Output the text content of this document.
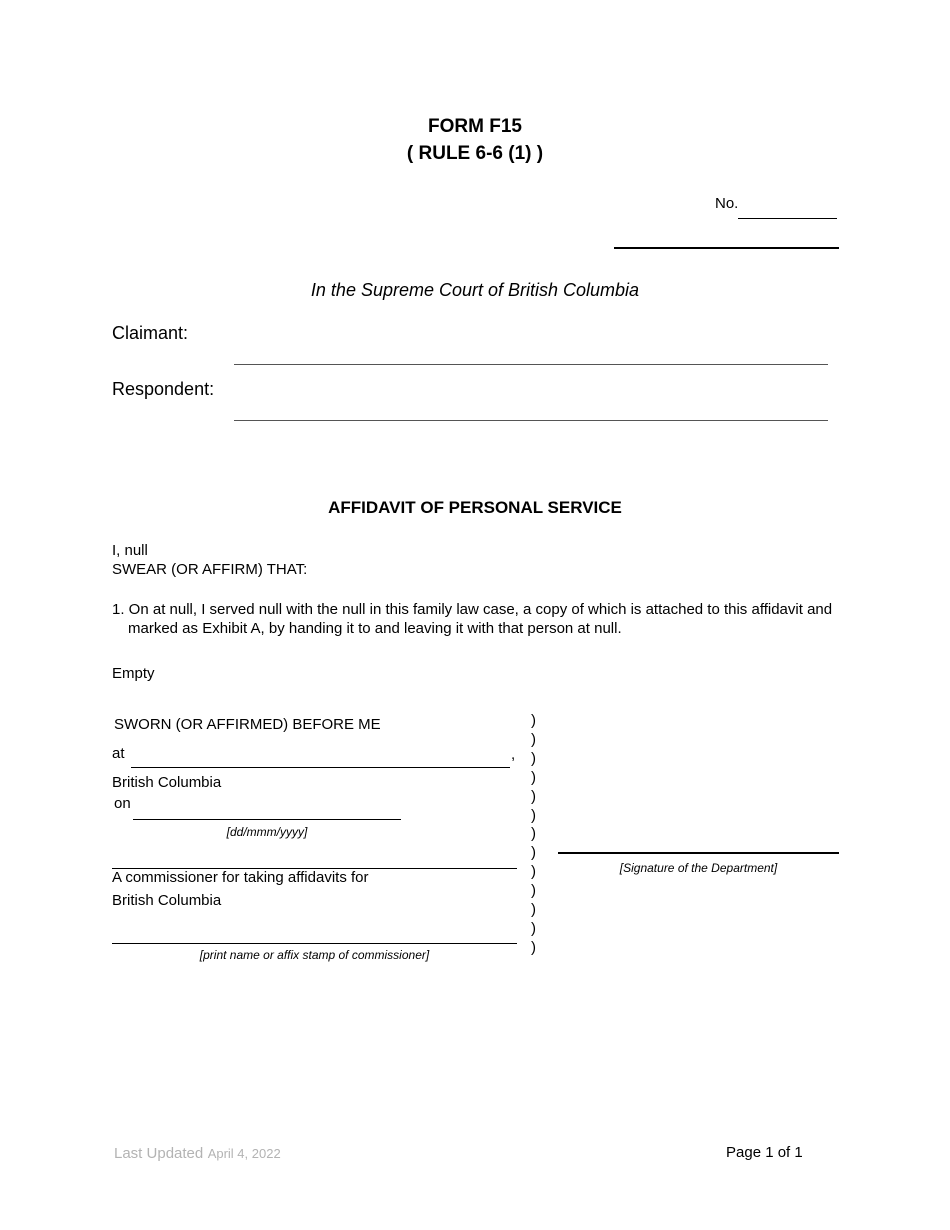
FORM F15
( RULE 6-6 (1) )
No.
In the Supreme Court of British Columbia
Claimant:
Respondent:
AFFIDAVIT OF PERSONAL SERVICE
I, null
SWEAR (OR AFFIRM) THAT:
1. On at null, I served null with the null in this family law case, a copy of which is attached to this affidavit and
marked as Exhibit A, by handing it to and leaving it with that person at null.
Empty
SWORN (OR AFFIRMED) BEFORE ME
at	,
British Columbia
on
[dd/mmm/yyyy]
A commissioner for taking affidavits for
British Columbia
[print name or affix stamp of commissioner]
)
)
)
)
)
)
)
)
)
)
)
)
)
[Signature of the Department]
Last Updated April 4, 2022	Page 1 of 1
